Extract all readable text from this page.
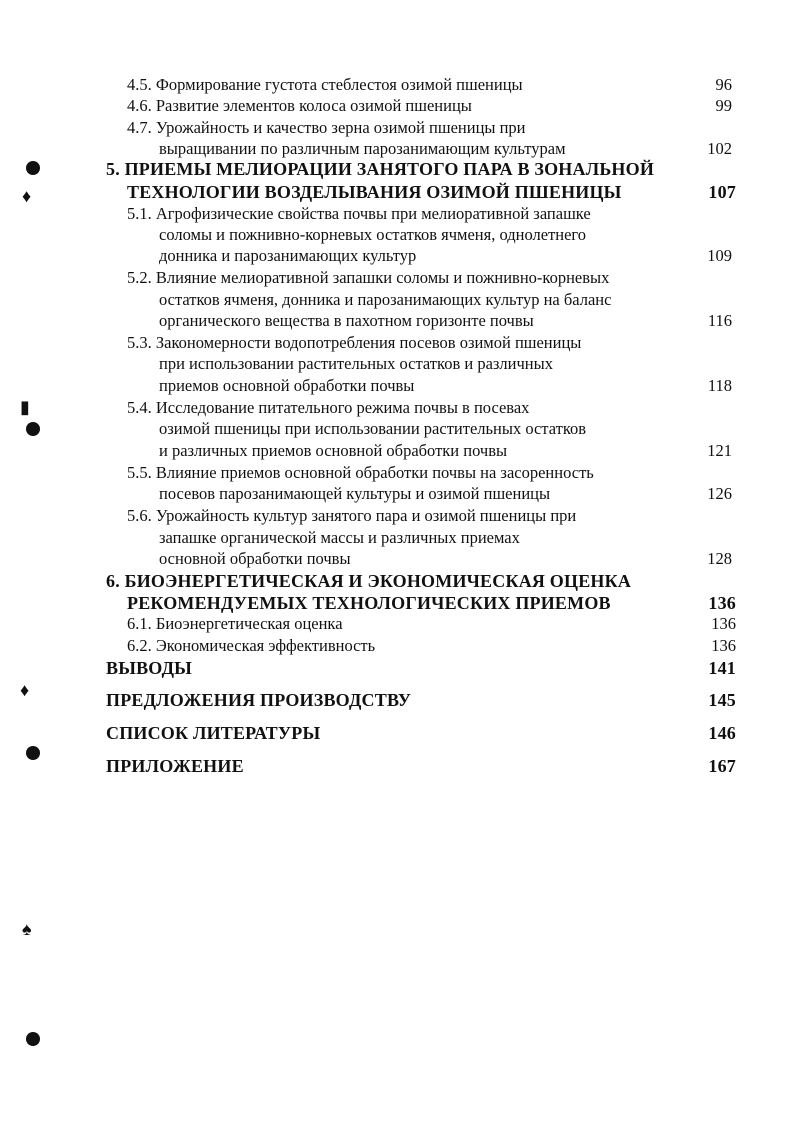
♦
▮
♦
♠
4.5. Формирование густота стеблестоя озимой пшеницы	96
4.6. Развитие элементов колоса озимой пшеницы	99
4.7. Урожайность и качество зерна озимой пшеницы при
выращивании по различным парозанимающим культурам	102
5. ПРИЕМЫ МЕЛИОРАЦИИ ЗАНЯТОГО ПАРА В ЗОНАЛЬНОЙ
ТЕХНОЛОГИИ ВОЗДЕЛЫВАНИЯ ОЗИМОЙ ПШЕНИЦЫ	107
5.1. Агрофизические свойства почвы при мелиоративной запашке
соломы и пожнивно-корневых остатков ячменя, однолетнего
донника и парозанимающих культур	109
5.2. Влияние мелиоративной запашки соломы и пожнивно-корневых
остатков ячменя, донника и парозанимающих культур на баланс
органического вещества в пахотном горизонте почвы	116
5.3. Закономерности водопотребления посевов озимой пшеницы
при использовании растительных остатков и различных
приемов основной обработки почвы	118
5.4. Исследование питательного режима почвы в посевах
озимой пшеницы при использовании растительных остатков
и различных приемов основной обработки почвы	121
5.5. Влияние приемов основной обработки почвы на засоренность
посевов парозанимающей культуры и озимой пшеницы	126
5.6. Урожайность культур занятого пара и озимой пшеницы при
запашке органической массы и различных приемах
основной обработки почвы	128
6. БИОЭНЕРГЕТИЧЕСКАЯ И ЭКОНОМИЧЕСКАЯ ОЦЕНКА
РЕКОМЕНДУЕМЫХ ТЕХНОЛОГИЧЕСКИХ ПРИЕМОВ	136
6.1. Биоэнергетическая оценка	136
6.2. Экономическая эффективность	136
ВЫВОДЫ	141
ПРЕДЛОЖЕНИЯ ПРОИЗВОДСТВУ	145
СПИСОК ЛИТЕРАТУРЫ	146
ПРИЛОЖЕНИЕ	167
